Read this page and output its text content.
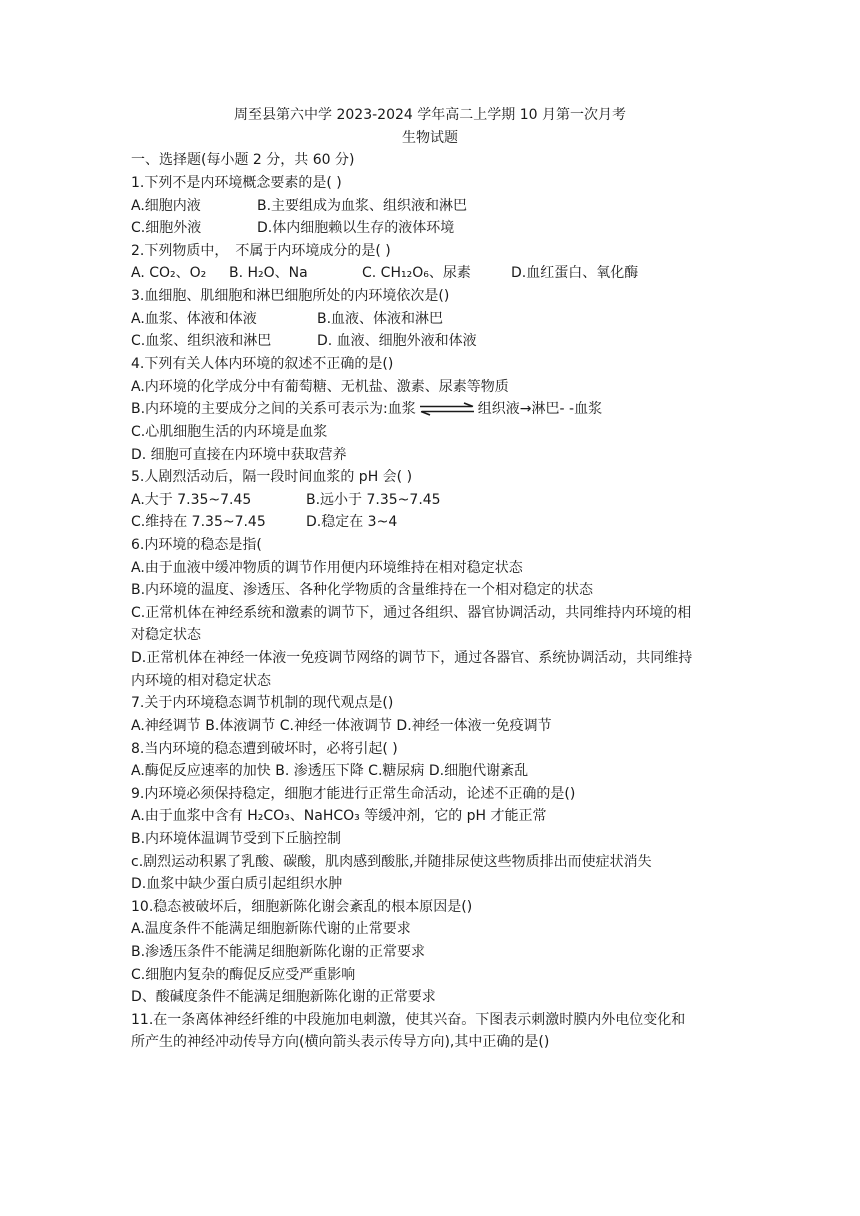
周至县第六中学 2023-2024 学年高二上学期 10 月第一次月考
生物试题
一、选择题(每小题 2 分，共 60 分)
1.下列不是内环境概念要素的是( )
A.细胞内液	B.主要组成为血浆、组织液和淋巴
C.细胞外液	D.体内细胞赖以生存的液体环境
2.下列物质中，　不属于内环境成分的是( )
A. CO₂、O₂ B. H₂O、Na	C. CH₁₂O₆、尿素	D.血红蛋白、氧化酶
3.血细胞、肌细胞和淋巴细胞所处的内环境依次是()
A.血浆、体液和体液	B.血液、体液和淋巴
C.血浆、组织液和淋巴	D. 血液、细胞外液和体液
4.下列有关人体内环境的叙述不正确的是()
A.内环境的化学成分中有葡萄糖、无机盐、激素、尿素等物质
B.内环境的主要成分之间的关系可表示为:血浆	组织液→淋巴- -血浆
C.心肌细胞生活的内环境是血浆
D. 细胞可直接在内环境中获取营养
5.人剧烈活动后，隔一段时间血浆的 pH 会( )
A.大于 7.35~7.45	B.远小于 7.35~7.45
C.维持在 7.35~7.45	D.稳定在 3~4
6.内环境的稳态是指(
A.由于血液中缓冲物质的调节作用便内环境维持在相对稳定状态
B.内环境的温度、渗透压、各种化学物质的含量维持在一个相对稳定的状态
C.正常机体在神经系统和激素的调节下，通过各组织、器官协调活动，共同维持内环境的相
对稳定状态
D.正常机体在神经一体液一免疫调节网络的调节下，通过各器官、系统协调活动，共同维持
内环境的相对稳定状态
7.关于内环境稳态调节机制的现代观点是()
A.神经调节 B.体液调节 C.神经一体液调节 D.神经一体液一免疫调节
8.当内环境的稳态遭到破坏时，必将引起( )
A.酶促反应速率的加快 B. 渗透压下降 C.糖尿病 D.细胞代谢紊乱
9.内环境必须保持稳定，细胞才能进行正常生命活动，论述不正确的是()
A.由于血浆中含有 H₂CO₃、NaHCO₃ 等缓冲剂，它的 pH 才能正常
B.内环境体温调节受到下丘脑控制
c.剧烈运动积累了乳酸、碳酸，肌肉感到酸胀,并随排尿使这些物质排出而使症状消失
D.血浆中缺少蛋白质引起组织水肿
10.稳态被破坏后，细胞新陈化谢会紊乱的根本原因是()
A.温度条件不能满足细胞新陈代谢的止常要求
B.渗透压条件不能满足细胞新陈化谢的正常要求
C.细胞内复杂的酶促反应受严重影响
D、酸碱度条件不能满足细胞新陈化谢的正常要求
11.在一条离体神经纤维的中段施加电刺激，使其兴奋。下图表示刺激时膜内外电位变化和
所产生的神经冲动传导方向(横向箭头表示传导方向),其中正确的是()
